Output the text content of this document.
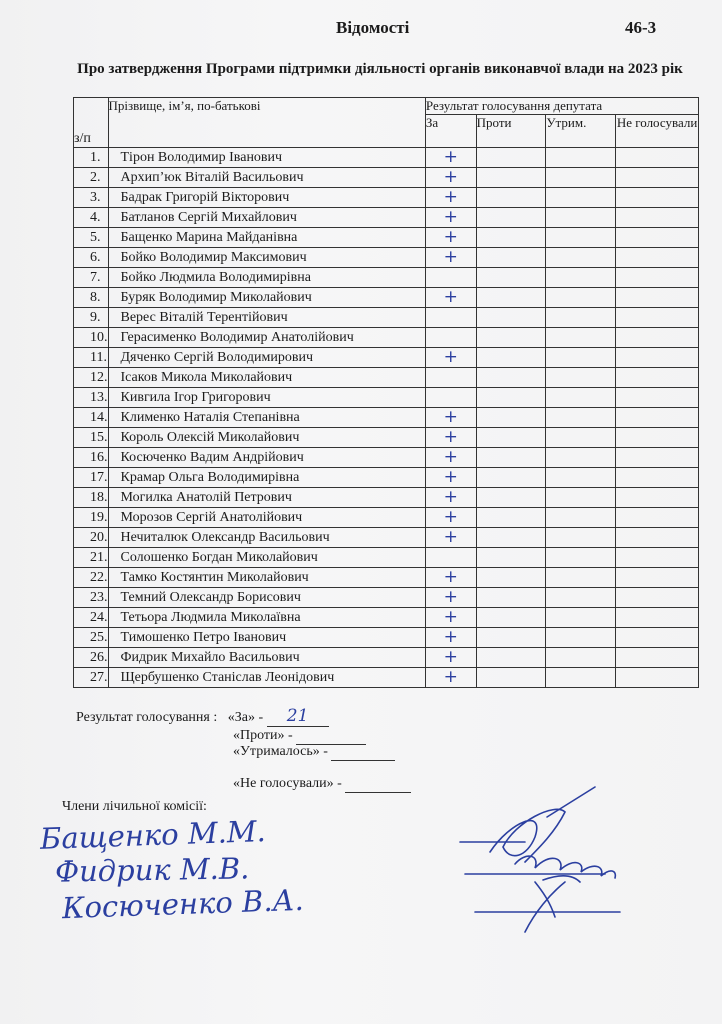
Відомості	46-3
Про затвердження Програми підтримки діяльності органів виконавчої влади на 2023 рік
з/п	Прізвище, ім’я, по-батькові	Результат голосування депутата			
		За	Проти	Утрим.	Не голосували
1.	Тірон Володимир Іванович	+			
2.	Архип’юк Віталій Васильович	+			
3.	Бадрак Григорій Вікторович	+			
4.	Батланов Сергій Михайлович	+			
5.	Бащенко Марина Майданівна	+			
6.	Бойко Володимир Максимович	+			
7.	Бойко Людмила Володимирівна				
8.	Буряк Володимир Миколайович	+			
9.	Верес Віталій Терентійович				
10.	Герасименко Володимир Анатолійович				
11.	Дяченко Сергій Володимирович	+			
12.	Ісаков Микола Миколайович				
13.	Кивгила Ігор Григорович				
14.	Клименко Наталія Степанівна	+			
15.	Король Олексій Миколайович	+			
16.	Косюченко Вадим Андрійович	+			
17.	Крамар Ольга Володимирівна	+			
18.	Могилка Анатолій Петрович	+			
19.	Морозов Сергій Анатолійович	+			
20.	Нечиталюк Олександр Васильович	+			
21.	Солошенко Богдан Миколайович				
22.	Тамко Костянтин Миколайович	+			
23.	Темний Олександр Борисович	+			
24.	Тетьора Людмила Миколаївна	+			
25.	Тимошенко Петро Іванович	+			
26.	Фидрик Михайло Васильович	+			
27.	Щербушенко Станіслав Леонідович	+			
Результат голосування : «За» - 21
«Проти» -
«Утрималось» -
«Не голосували» -
Члени лічильної комісії:
Бащенко М.М.
Фидрик М.В.
Косюченко В.А.
